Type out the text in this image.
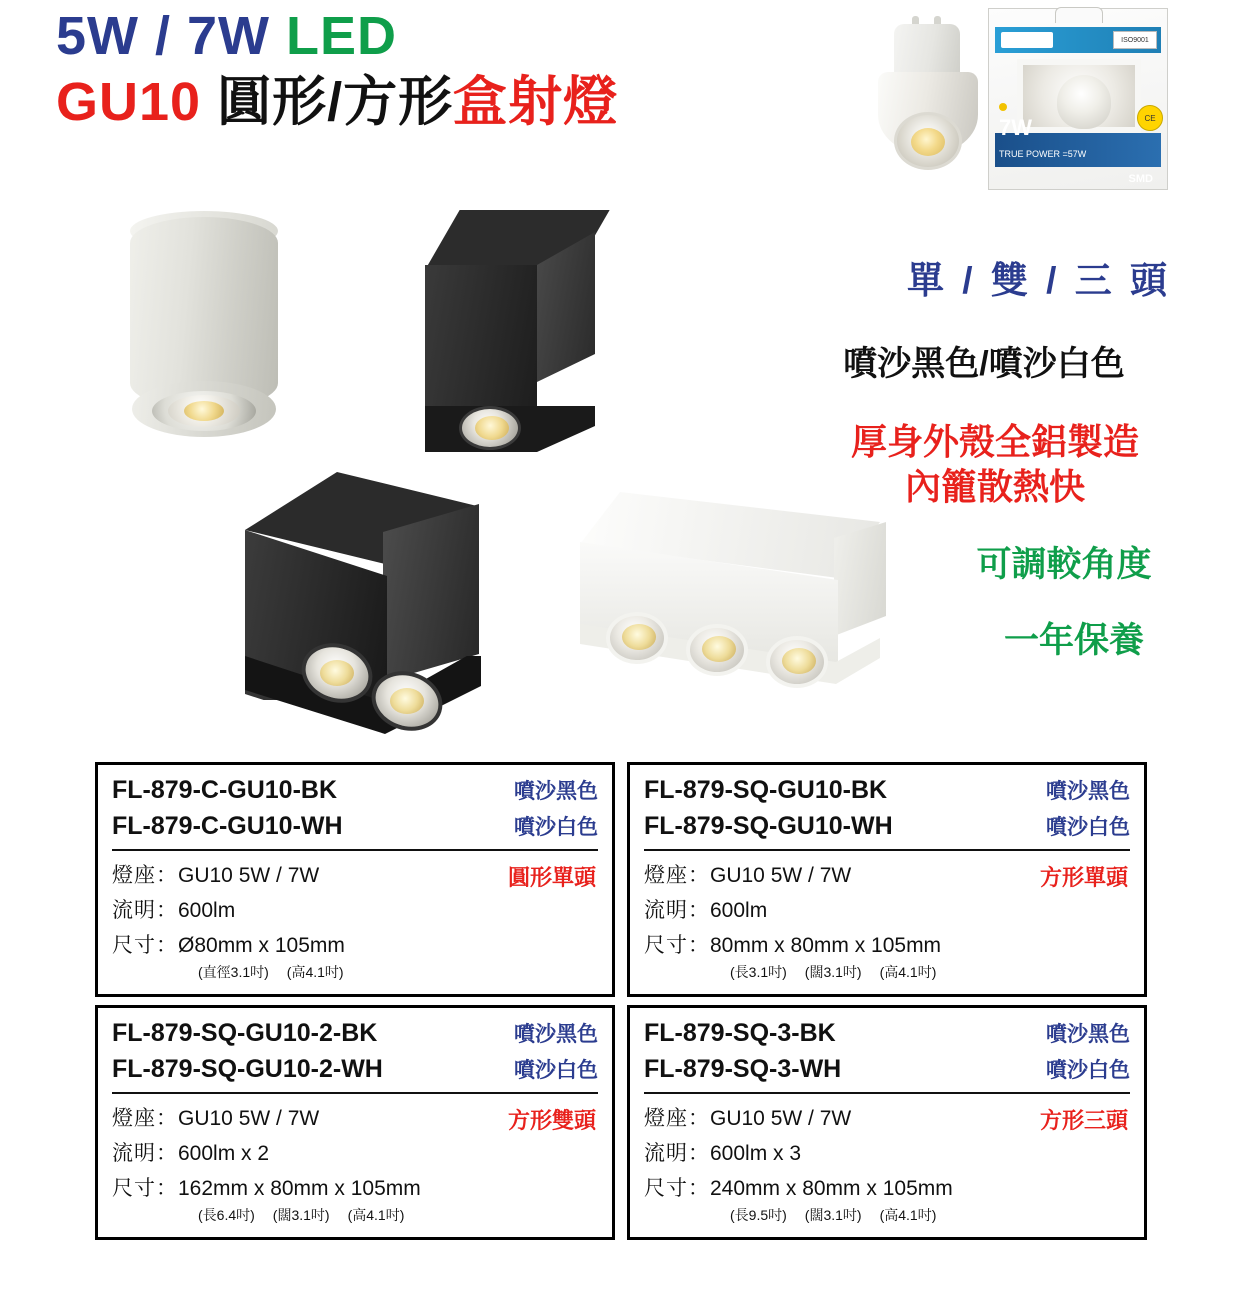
5W / 7W LED
GU10 圓形/方形盒射燈
ISO9001
CE
7W
TRUE POWER =57W
SMD
單 / 雙 / 三 頭
噴沙黑色/噴沙白色
厚身外殼全鋁製造
內籠散熱快
可調較角度
一年保養
FL-879-C-GU10-BK	噴沙黑色
FL-879-C-GU10-WH	噴沙白色
圓形單頭
燈座：GU10 5W / 7W
流明：600lm
尺寸：Ø80mm x 105mm
(直徑3.1吋) (高4.1吋)
FL-879-SQ-GU10-BK	噴沙黑色
FL-879-SQ-GU10-WH	噴沙白色
方形單頭
燈座：GU10 5W / 7W
流明：600lm
尺寸：80mm x 80mm x 105mm
(長3.1吋) (闊3.1吋) (高4.1吋)
FL-879-SQ-GU10-2-BK	噴沙黑色
FL-879-SQ-GU10-2-WH	噴沙白色
方形雙頭
燈座：GU10 5W / 7W
流明：600lm x 2
尺寸：162mm x 80mm x 105mm
(長6.4吋) (闊3.1吋) (高4.1吋)
FL-879-SQ-3-BK	噴沙黑色
FL-879-SQ-3-WH	噴沙白色
方形三頭
燈座：GU10 5W / 7W
流明：600lm x 3
尺寸：240mm x 80mm x 105mm
(長9.5吋) (闊3.1吋) (高4.1吋)
